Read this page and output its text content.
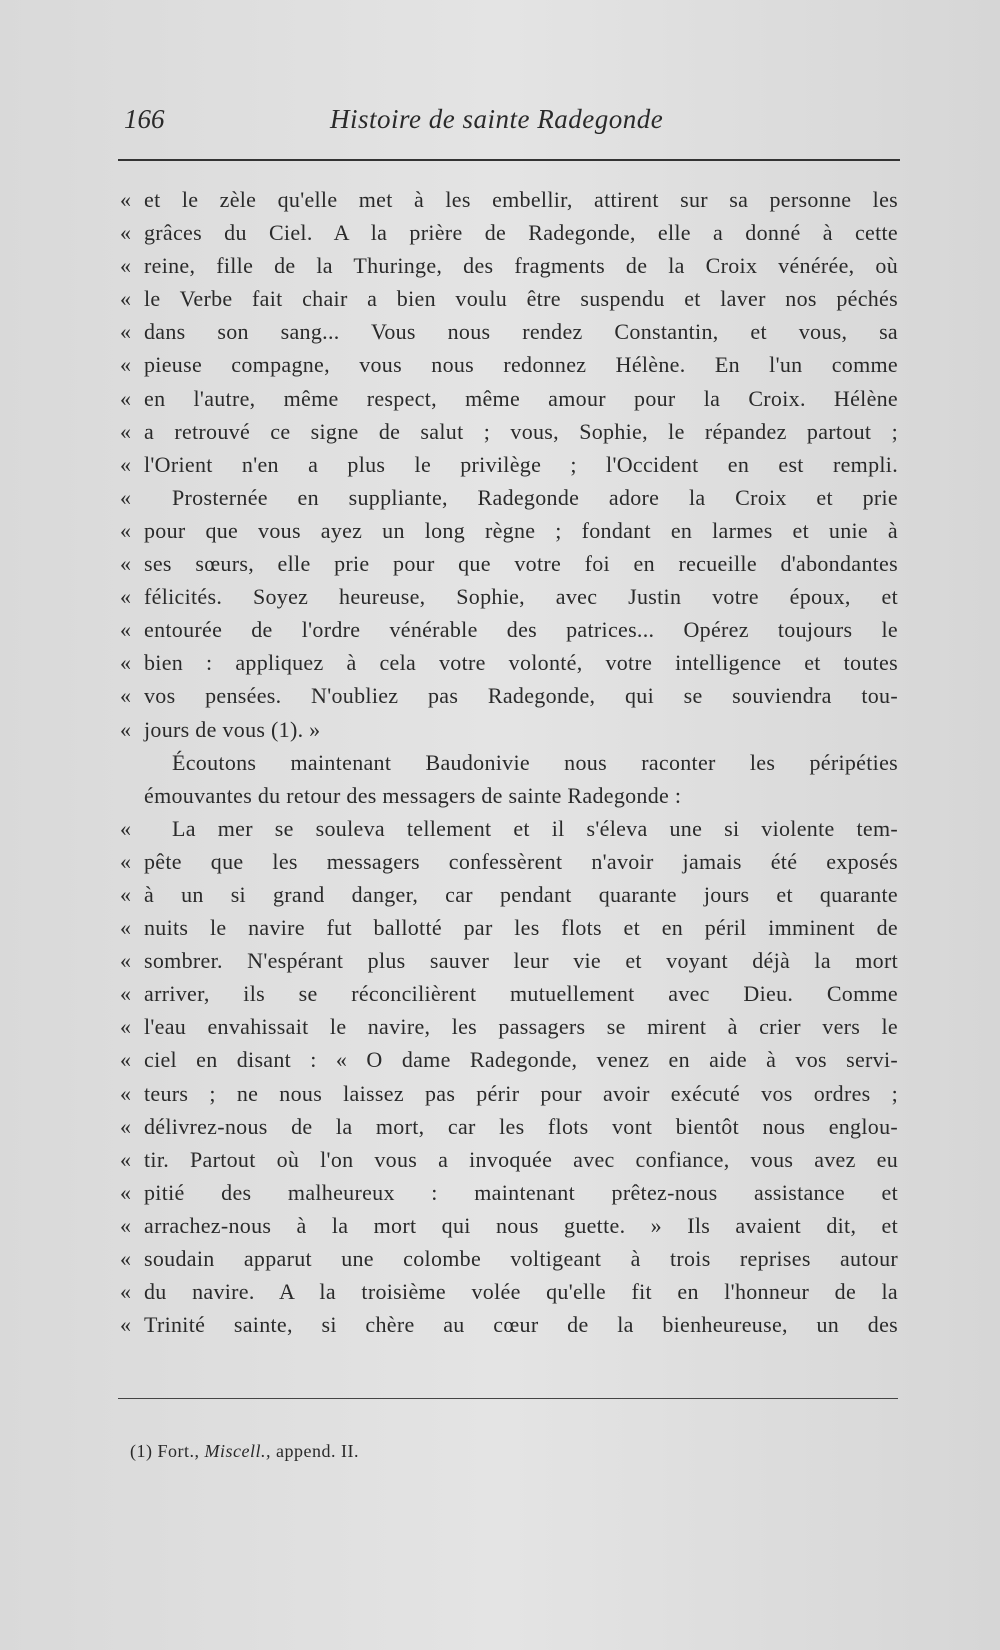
166	Histoire de sainte Radegonde
« et le zèle qu'elle met à les embellir, attirent sur sa personne les
« grâces du Ciel. A la prière de Radegonde, elle a donné à cette
« reine, fille de la Thuringe, des fragments de la Croix vénérée, où
« le Verbe fait chair a bien voulu être suspendu et laver nos péchés
« dans son sang... Vous nous rendez Constantin, et vous, sa
« pieuse compagne, vous nous redonnez Hélène. En l'un comme
« en l'autre, même respect, même amour pour la Croix. Hélène
« a retrouvé ce signe de salut ; vous, Sophie, le répandez partout ;
« l'Orient n'en a plus le privilège ; l'Occident en est rempli.
«	Prosternée en suppliante, Radegonde adore la Croix et prie
« pour que vous ayez un long règne ; fondant en larmes et unie à
« ses sœurs, elle prie pour que votre foi en recueille d'abondantes
« félicités. Soyez heureuse, Sophie, avec Justin votre époux, et
« entourée de l'ordre vénérable des patrices... Opérez toujours le
« bien : appliquez à cela votre volonté, votre intelligence et toutes
« vos pensées. N'oubliez pas Radegonde, qui se souviendra tou-
« jours de vous (1). »
Écoutons maintenant Baudonivie nous raconter les péripéties
émouvantes du retour des messagers de sainte Radegonde :
«	La mer se souleva tellement et il s'éleva une si violente tem-
« pête que les messagers confessèrent n'avoir jamais été exposés
« à un si grand danger, car pendant quarante jours et quarante
« nuits le navire fut ballotté par les flots et en péril imminent de
« sombrer. N'espérant plus sauver leur vie et voyant déjà la mort
« arriver, ils se réconcilièrent mutuellement avec Dieu. Comme
« l'eau envahissait le navire, les passagers se mirent à crier vers le
« ciel en disant : « O dame Radegonde, venez en aide à vos servi-
« teurs ; ne nous laissez pas périr pour avoir exécuté vos ordres ;
« délivrez-nous de la mort, car les flots vont bientôt nous englou-
« tir. Partout où l'on vous a invoquée avec confiance, vous avez eu
« pitié des malheureux : maintenant prêtez-nous assistance et
« arrachez-nous à la mort qui nous guette. » Ils avaient dit, et
« soudain apparut une colombe voltigeant à trois reprises autour
« du navire. A la troisième volée qu'elle fit en l'honneur de la
« Trinité sainte, si chère au cœur de la bienheureuse, un des
(1) Fort., Miscell., append. II.
